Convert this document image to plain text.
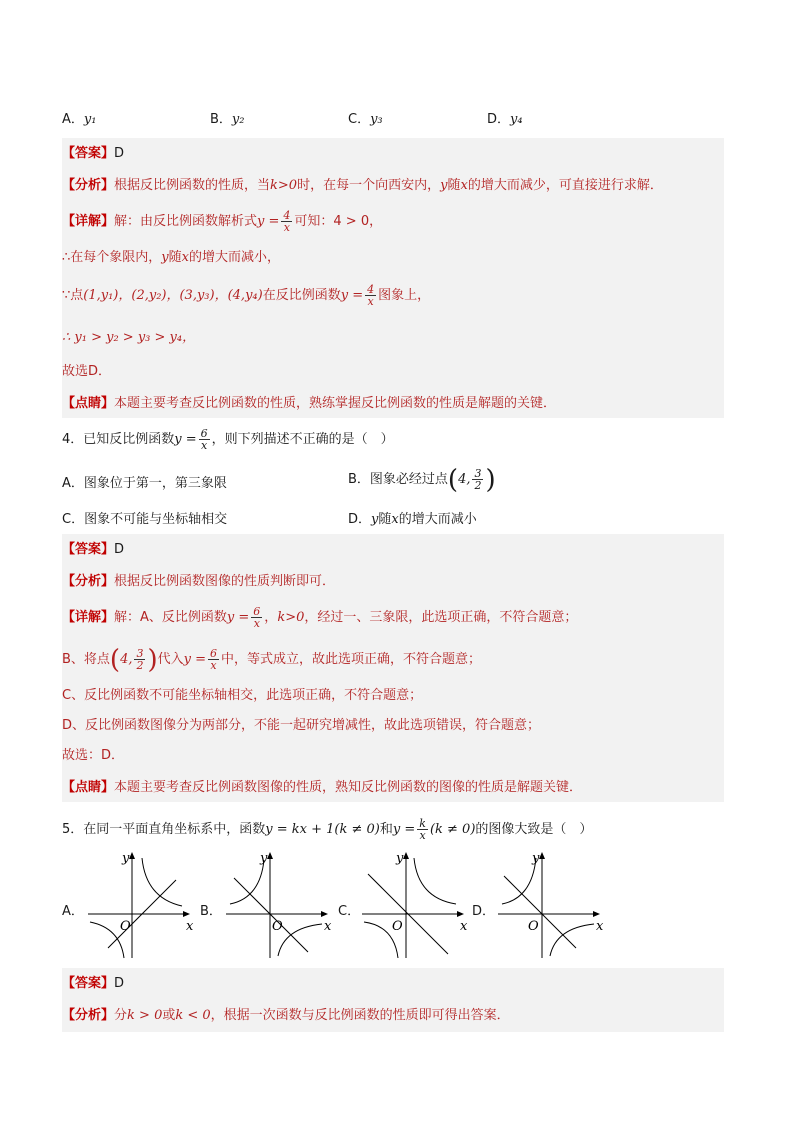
A．y₁	B．y₂	C．y₃	D．y₄
【答案】D
【分析】根据反比例函数的性质，当k>0时，在每一个向西安内，y随x的增大而减少，可直接进行求解．
【详解】解：由反比例函数解析式$y = \frac{4}{x}$ 可知：4 > 0，
∴在每个象限内，y随x的增大而减小，
∵点(1,y₁)，(2,y₂)，(3,y₃)，(4,y₄)在反比例函数$y = \frac{4}{x}$ 图象上，
∴ y₁ > y₂ > y₃ > y₄，
故选D．
【点睛】本题主要考查反比例函数的性质，熟练掌握反比例函数的性质是解题的关键．
4．已知反比例函数$y = \frac{6}{x}$ ，则下列描述不正确的是（　）
A．图象位于第一，第三象限	B．图象必经过点(4, $\frac{3}{2}$ )
C．图象不可能与坐标轴相交	D．y随x的增大而减小
【答案】D
【分析】根据反比例函数图像的性质判断即可．
【详解】解：A、反比例函数$y = \frac{6}{x}$ ，k>0，经过一、三象限，此选项正确，不符合题意；
B、将点(4, $\frac{3}{2}$ )代入$y = \frac{6}{x}$ 中，等式成立，故此选项正确，不符合题意；
C、反比例函数不可能坐标轴相交，此选项正确，不符合题意；
D、反比例函数图像分为两部分，不能一起研究增减性，故此选项错误，符合题意；
故选：D．
【点睛】本题主要考查反比例函数图像的性质，熟知反比例函数的图像的性质是解题关键．
5．在同一平面直角坐标系中，函数y = kx + 1(k ≠ 0)和$y = \frac{k}{x} (k \ne 0)$的图像大致是（　）
A．
x
y
O
B．
x
y
O
C．
x
y
O
D．
x
y
O
【答案】D
【分析】分k > 0或k < 0，根据一次函数与反比例函数的性质即可得出答案．
